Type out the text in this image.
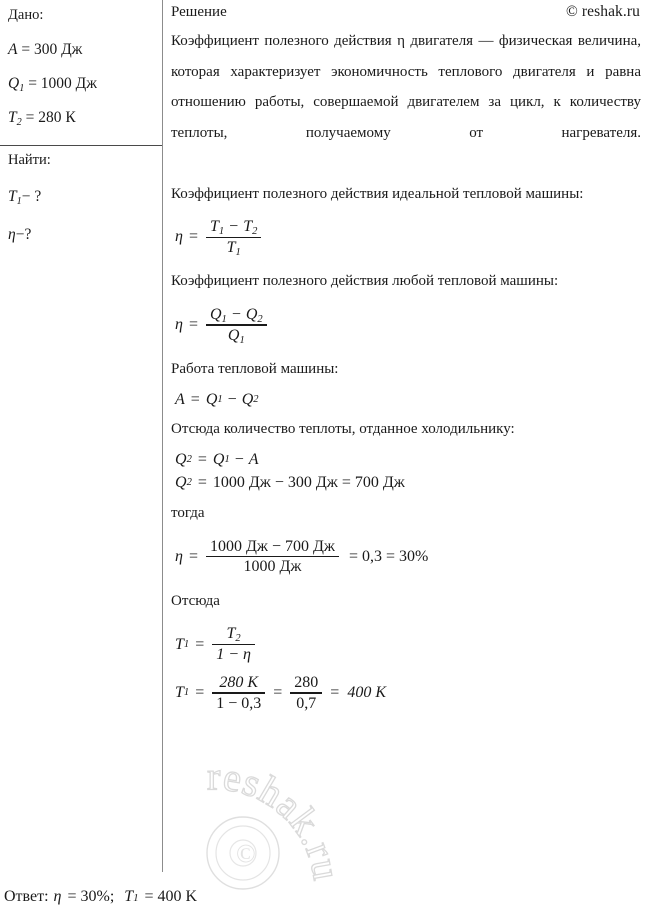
Дано:
A = 300 Дж
$Q_1 = 1000$ Дж
$T_2 = 280$ К
Найти:
$T_1-$ ?
η−?
Решение	© reshak.ru

Коэффициент полезного действия η двигателя — физическая величина, которая характеризует экономичность теплового двигателя и равна отношению работы, совершаемой двигателем за цикл, к количеству теплоты, получаемому от нагревателя.

Коэффициент полезного действия идеальной тепловой машины:

$\eta = \frac{T_1 - T_2}{T_1}$

Коэффициент полезного действия любой тепловой машины:

$\eta = \frac{Q_1 - Q_2}{Q_1}$

Работа тепловой машины:

A = Q 1 − Q 2

Отсюда количество теплоты, отданное холодильнику:

Q 2 = Q 1 − A
Q 2 = 1000 Дж − 300 Дж = 700 Дж

тогда

$\eta = \frac{1000 Дж - 700 Дж}{1000 Дж} = 0,3 = 30\%$

Отсюда

T $1 = \frac{T_2}{1 - \eta}$
T $1 = \frac{280 K}{1 - 0,3} = \frac{280}{0,7} = 400$ K
©
reshak.ru
Ответ: η = 30%; T 1 = 400 K
